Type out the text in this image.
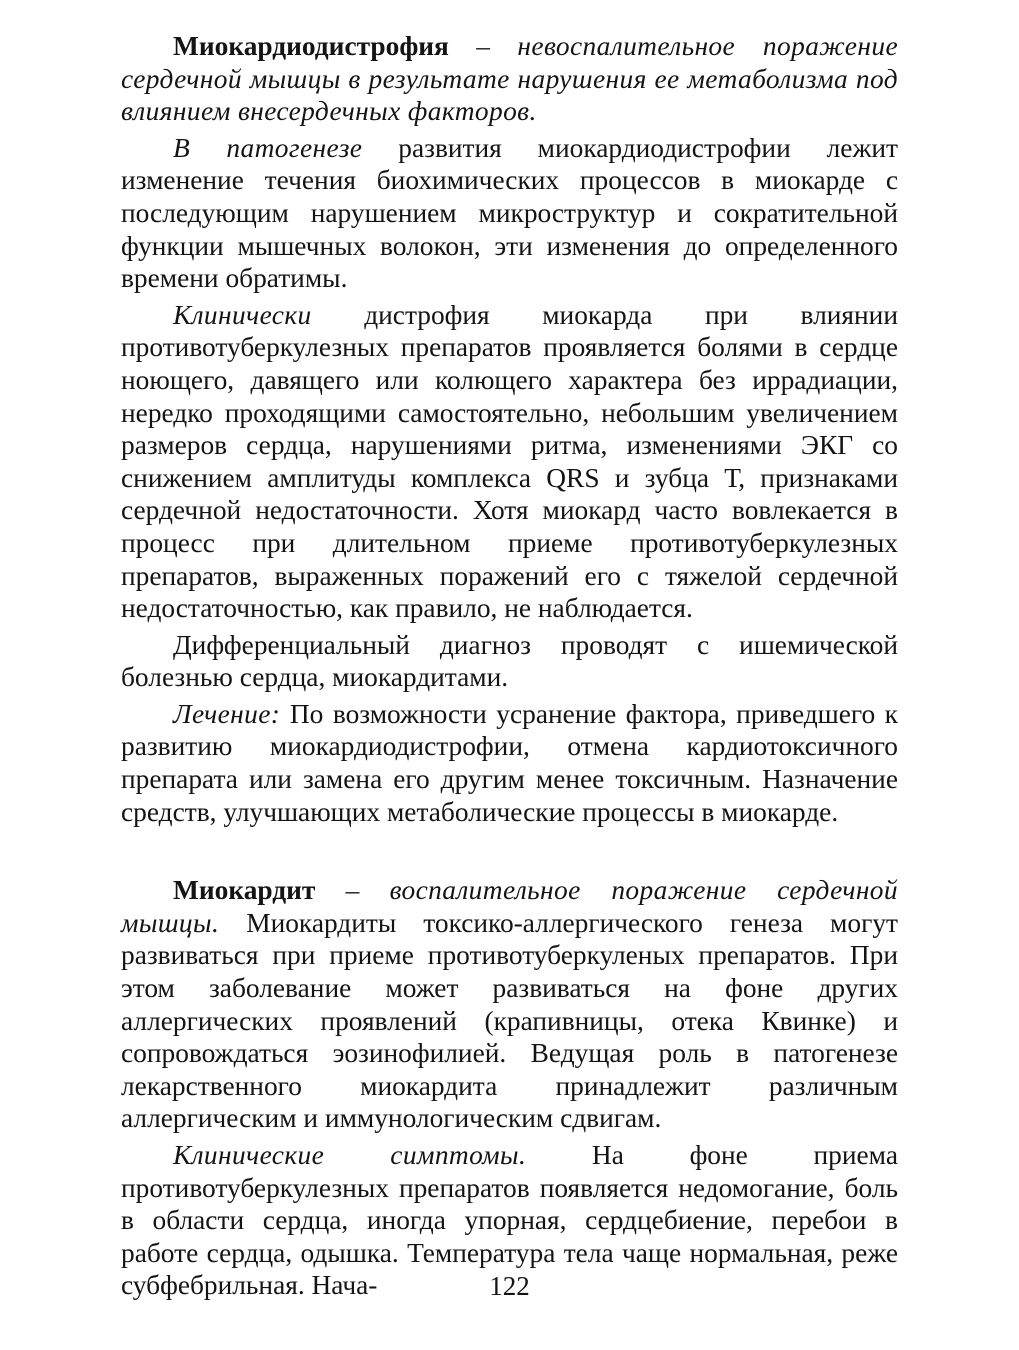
Миокардиодистрофия – невоспалительное поражение сердечной мышцы в результате нарушения ее метаболизма под влиянием внесердечных факторов.

В патогенезе развития миокардиодистрофии лежит изменение течения биохимических процессов в миокарде с последующим нарушением микроструктур и сократительной функции мышечных волокон, эти изменения до определенного времени обратимы.

Клинически дистрофия миокарда при влиянии противотуберкулезных препаратов проявляется болями в сердце ноющего, давящего или колющего характера без иррадиации, нередко проходящими самостоятельно, небольшим увеличением размеров сердца, нарушениями ритма, изменениями ЭКГ со снижением амплитуды комплекса QRS и зубца Т, признаками сердечной недостаточности. Хотя миокард часто вовлекается в процесс при длительном приеме противотуберкулезных препаратов, выраженных поражений его с тяжелой сердечной недостаточностью, как правило, не наблюдается.

Дифференциальный диагноз проводят с ишемической болезнью сердца, миокардитами.

Лечение: По возможности усранение фактора, приведшего к развитию миокардиодистрофии, отмена кардиотоксичного препарата или замена его другим менее токсичным. Назначение средств, улучшающих метаболические процессы в миокарде.

Миокардит – воспалительное поражение сердечной мышцы. Миокардиты токсико-аллергического генеза могут развиваться при приеме противотуберкуленых препаратов. При этом заболевание может развиваться на фоне других аллергических проявлений (крапивницы, отека Квинке) и сопровождаться эозинофилией. Ведущая роль в патогенезе лекарственного миокардита принадлежит различным аллергическим и иммунологическим сдвигам.

Клинические симптомы. На фоне приема противотуберкулезных препаратов появляется недомогание, боль в области сердца, иногда упорная, сердцебиение, перебои в работе сердца, одышка. Температура тела чаще нормальная, реже субфебрильная. Нача-	122
